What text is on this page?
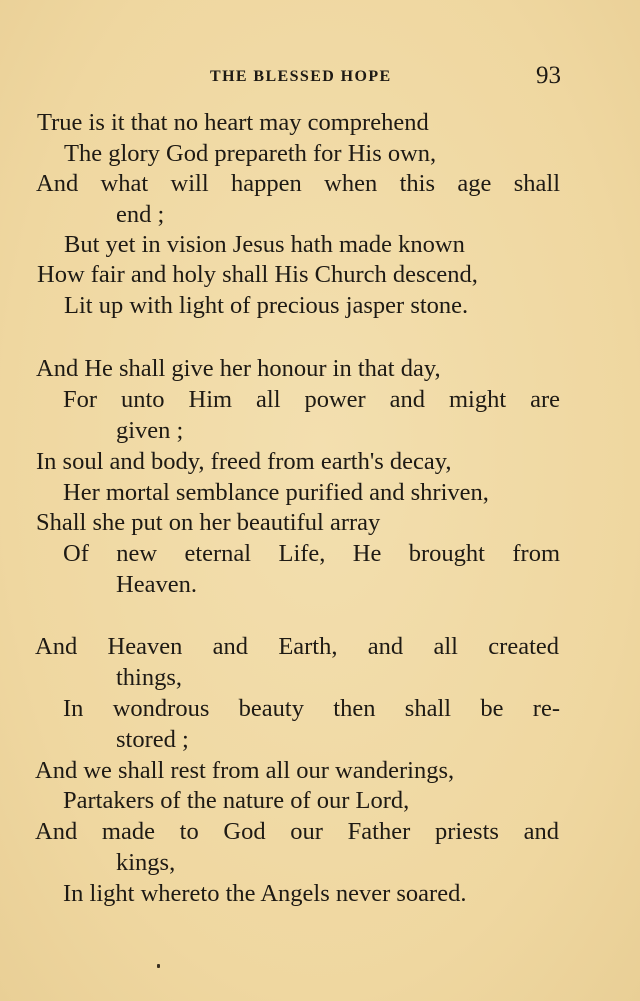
THE BLESSED HOPE	93
True is it that no heart may comprehend
The glory God prepareth for His own,
And what will happen when this age shall
end ;
But yet in vision Jesus hath made known
How fair and holy shall His Church descend,
Lit up with light of precious jasper stone.
And He shall give her honour in that day,
For unto Him all power and might are
given ;
In soul and body, freed from earth's decay,
Her mortal semblance purified and shriven,
Shall she put on her beautiful array
Of new eternal Life, He brought from
Heaven.
And Heaven and Earth, and all created
things,
In wondrous beauty then shall be re-
stored ;
And we shall rest from all our wanderings,
Partakers of the nature of our Lord,
And made to God our Father priests and
kings,
In light whereto the Angels never soared.
